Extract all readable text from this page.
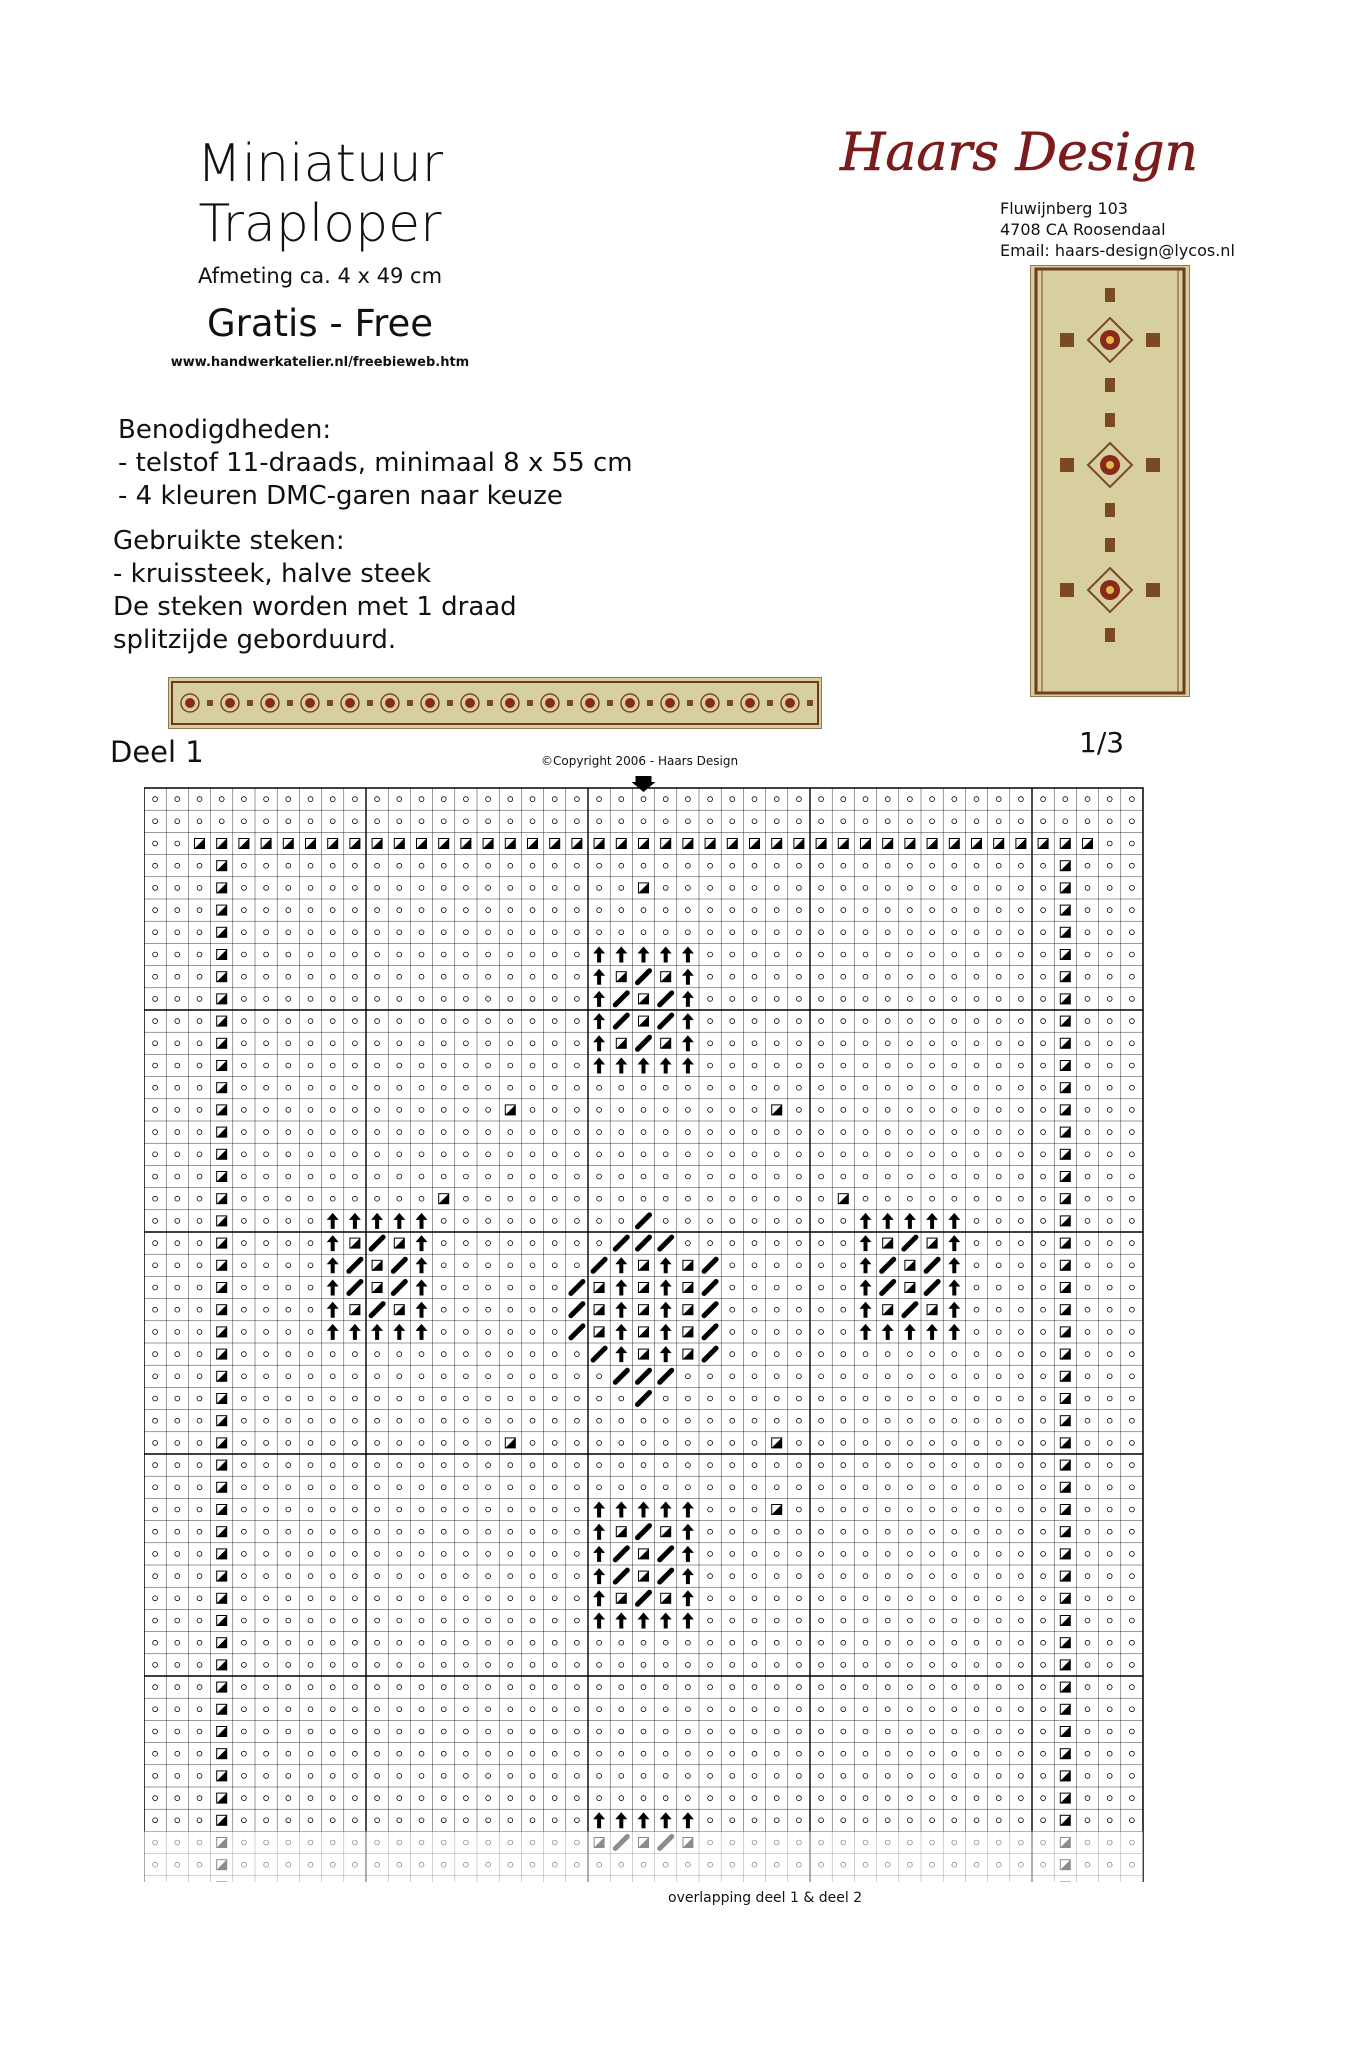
Miniatuur
Traploper
Afmeting ca. 4 x 49 cm
Gratis - Free
www.handwerkatelier.nl/freebieweb.htm
Haars Design
Fluwijnberg 103
4708 CA Roosendaal
Email: haars-design@lycos.nl
Benodigdheden:
- telstof 11-draads, minimaal 8 x 55 cm
- 4 kleuren DMC-garen naar keuze
Gebruikte steken:
- kruissteek, halve steek
De steken worden met 1 draad
splitzijde geborduurd.
1/3
Deel 1	©Copyright 2006 - Haars Design
overlapping deel 1 & deel 2
